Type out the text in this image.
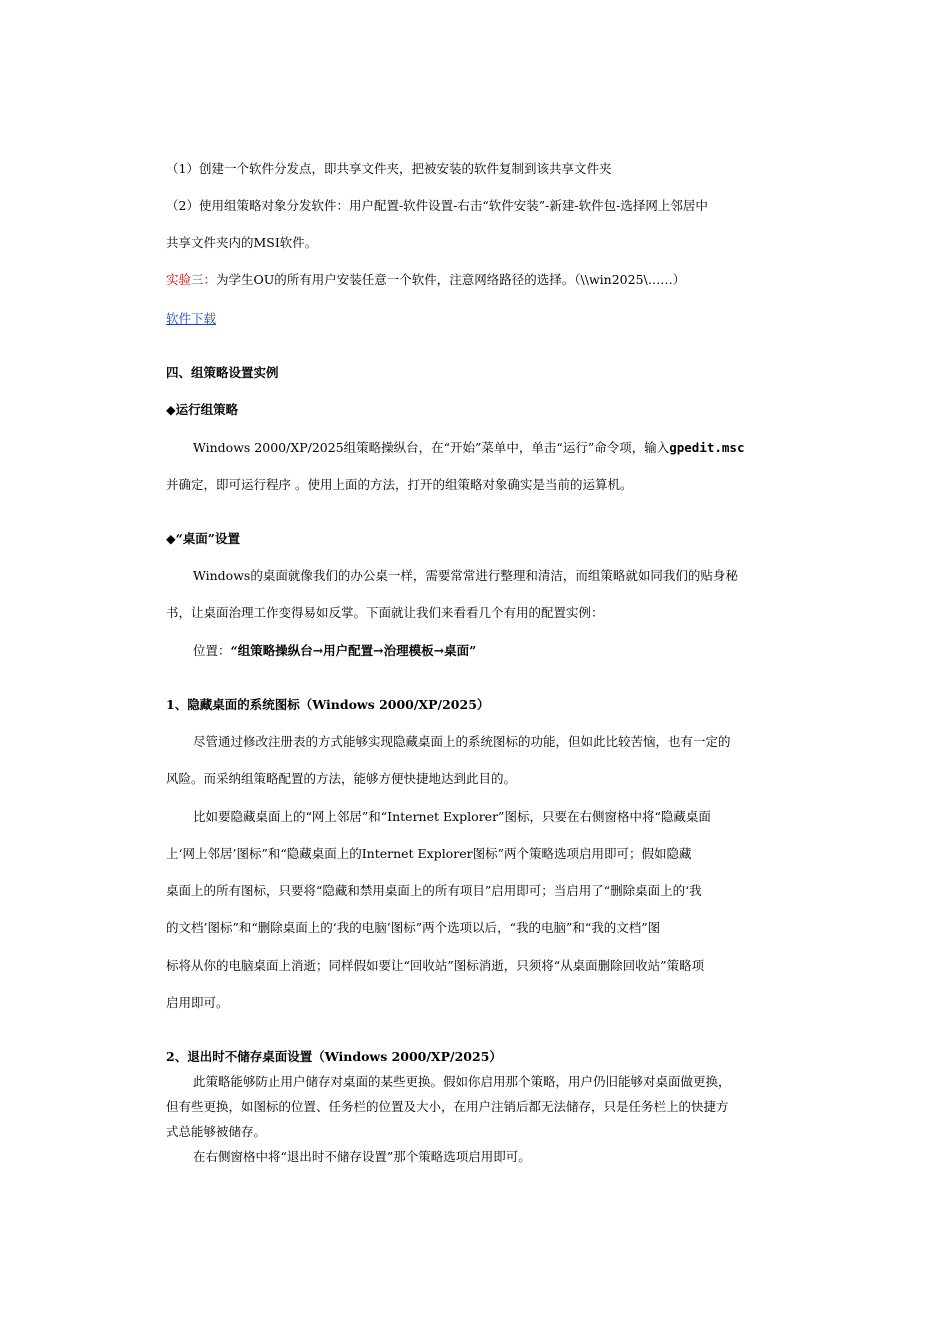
（1）创建一个软件分发点，即共享文件夹，把被安装的软件复制到该共享文件夹
（2）使用组策略对象分发软件：用户配置-软件设置-右击“软件安装”-新建-软件包-选择网上邻居中
共享文件夹内的MSI软件。
实验三：为学生OU的所有用户安装任意一个软件，注意网络路径的选择。（\\win2025\……）
软件下载
四、组策略设置实例
◆运行组策略
Windows 2000/XP/2025组策略操纵台，在“开始”菜单中，单击“运行”命令项，输入gpedit.msc
并确定，即可运行程序 。使用上面的方法，打开的组策略对象确实是当前的运算机。
◆“桌面”设置
Windows的桌面就像我们的办公桌一样，需要常常进行整理和清洁，而组策略就如同我们的贴身秘
书，让桌面治理工作变得易如反掌。下面就让我们来看看几个有用的配置实例：
位置：“组策略操纵台→用户配置→治理模板→桌面”
1、隐藏桌面的系统图标（Windows 2000/XP/2025）
尽管通过修改注册表的方式能够实现隐藏桌面上的系统图标的功能，但如此比较苦恼，也有一定的
风险。而采纳组策略配置的方法，能够方便快捷地达到此目的。
比如要隐藏桌面上的“网上邻居”和“Internet Explorer”图标，只要在右侧窗格中将“隐藏桌面
上‘网上邻居’图标”和“隐藏桌面上的Internet Explorer图标”两个策略选项启用即可；假如隐藏
桌面上的所有图标，只要将“隐藏和禁用桌面上的所有项目”启用即可；当启用了“删除桌面上的‘我
的文档’图标”和“删除桌面上的‘我的电脑’图标”两个选项以后，“我的电脑”和“我的文档”图
标将从你的电脑桌面上消逝；同样假如要让“回收站”图标消逝，只须将“从桌面删除回收站”策略项
启用即可。
2、退出时不储存桌面设置（Windows 2000/XP/2025）
此策略能够防止用户储存对桌面的某些更换。假如你启用那个策略，用户仍旧能够对桌面做更换，
但有些更换，如图标的位置、任务栏的位置及大小，在用户注销后都无法储存，只是任务栏上的快捷方
式总能够被储存。
在右侧窗格中将“退出时不储存设置”那个策略选项启用即可。
